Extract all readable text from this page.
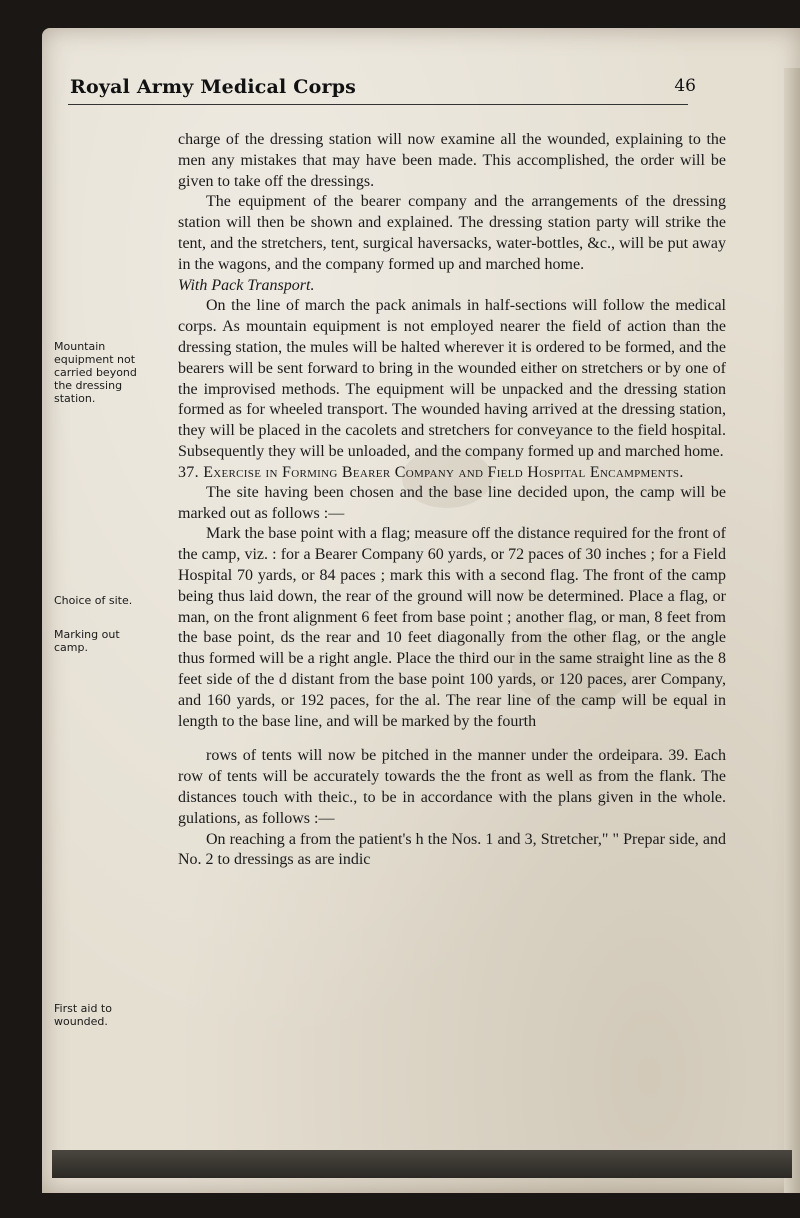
Royal Army Medical Corps	46
Mountain equipment not carried beyond the dressing station.
Choice of site.
Marking out camp.
First aid to wounded.

charge of the dressing station will now examine all the wounded, explaining to the men any mistakes that may have been made. This accomplished, the order will be given to take off the dressings.

The equipment of the bearer company and the arrangements of the dressing station will then be shown and explained. The dressing station party will strike the tent, and the stretchers, tent, surgical haversacks, water-bottles, &c., will be put away in the wagons, and the company formed up and marched home.

With Pack Transport.

On the line of march the pack animals in half-sections will follow the medical corps. As mountain equipment is not employed nearer the field of action than the dressing station, the mules will be halted wherever it is ordered to be formed, and the bearers will be sent forward to bring in the wounded either on stretchers or by one of the improvised methods. The equipment will be unpacked and the dressing station formed as for wheeled transport. The wounded having arrived at the dressing station, they will be placed in the cacolets and stretchers for conveyance to the field hospital. Subsequently they will be unloaded, and the company formed up and marched home.

37. Exercise in Forming Bearer Company and Field Hospital Encampments.

The site having been chosen and the base line decided upon, the camp will be marked out as follows :—

Mark the base point with a flag; measure off the distance required for the front of the camp, viz. : for a Bearer Company 60 yards, or 72 paces of 30 inches ; for a Field Hospital 70 yards, or 84 paces ; mark this with a second flag. The front of the camp being thus laid down, the rear of the ground will now be determined. Place a flag, or man, on the front alignment 6 feet from base point ; another flag, or man, 8 feet from the base point, ds the rear and 10 feet diagonally from the other flag, or the angle thus formed will be a right angle. Place the third our in the same straight line as the 8 feet side of the d distant from the base point 100 yards, or 120 paces, arer Company, and 160 yards, or 192 paces, for the al. The rear line of the camp will be equal in length to the base line, and will be marked by the fourth

rows of tents will now be pitched in the manner under the ordeipara. 39. Each row of tents will be accurately towards the the front as well as from the flank. The distances touch with theic., to be in accordance with the plans given in the whole. gulations, as follows :—

On reaching a from the patient's h the Nos. 1 and 3, Stretcher," " Prepar side, and No. 2 to dressings as are indic
